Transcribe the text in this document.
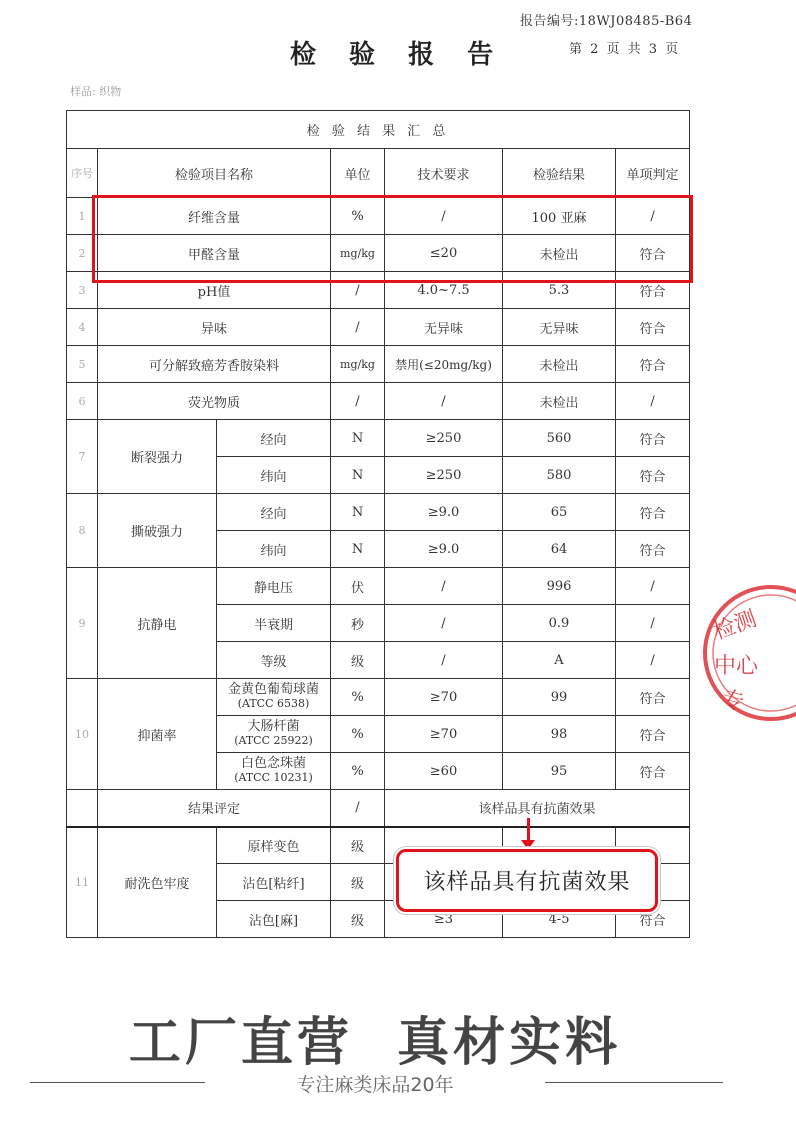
报告编号:18WJ08485-B64
检 验 报 告	第 2 页 共 3 页
样品: 织物
检 验 结 果 汇 总						
序号	检验项目名称		单位	技术要求	检验结果	单项判定
1	纤维含量		%	/	100 亚麻	/
2	甲醛含量		mg/kg	≤20	未检出	符合
3	pH值		/	4.0~7.5	5.3	符合
4	异味		/	无异味	无异味	符合
5	可分解致癌芳香胺染料		mg/kg	禁用(≤20mg/kg)	未检出	符合
6	荧光物质		/	/	未检出	/
7	断裂强力	经向	N	≥250	560	符合
		纬向	N	≥250	580	符合
8	撕破强力	经向	N	≥9.0	65	符合
		纬向	N	≥9.0	64	符合
9	抗静电	静电压	伏	/	996	/
		半衰期	秒	/	0.9	/
		等级	级	/	A	/
10	抑菌率	金黄色葡萄球菌
(ATCC 6538)	%	≥70	99	符合

		大肠杆菌
(ATCC 25922)	%	≥70	98	符合

		白色念珠菌
(ATCC 10231)	%	≥60	95	符合
	结果评定		/	该样品具有抗菌效果		
11	耐洗色牢度	原样变色	级			
		沾色[粘纤]	级			
		沾色[麻]	级	≥3	4-5	符合
该样品具有抗菌效果
检测
中心
专
工厂直营  真材实料
专注麻类床品20年
